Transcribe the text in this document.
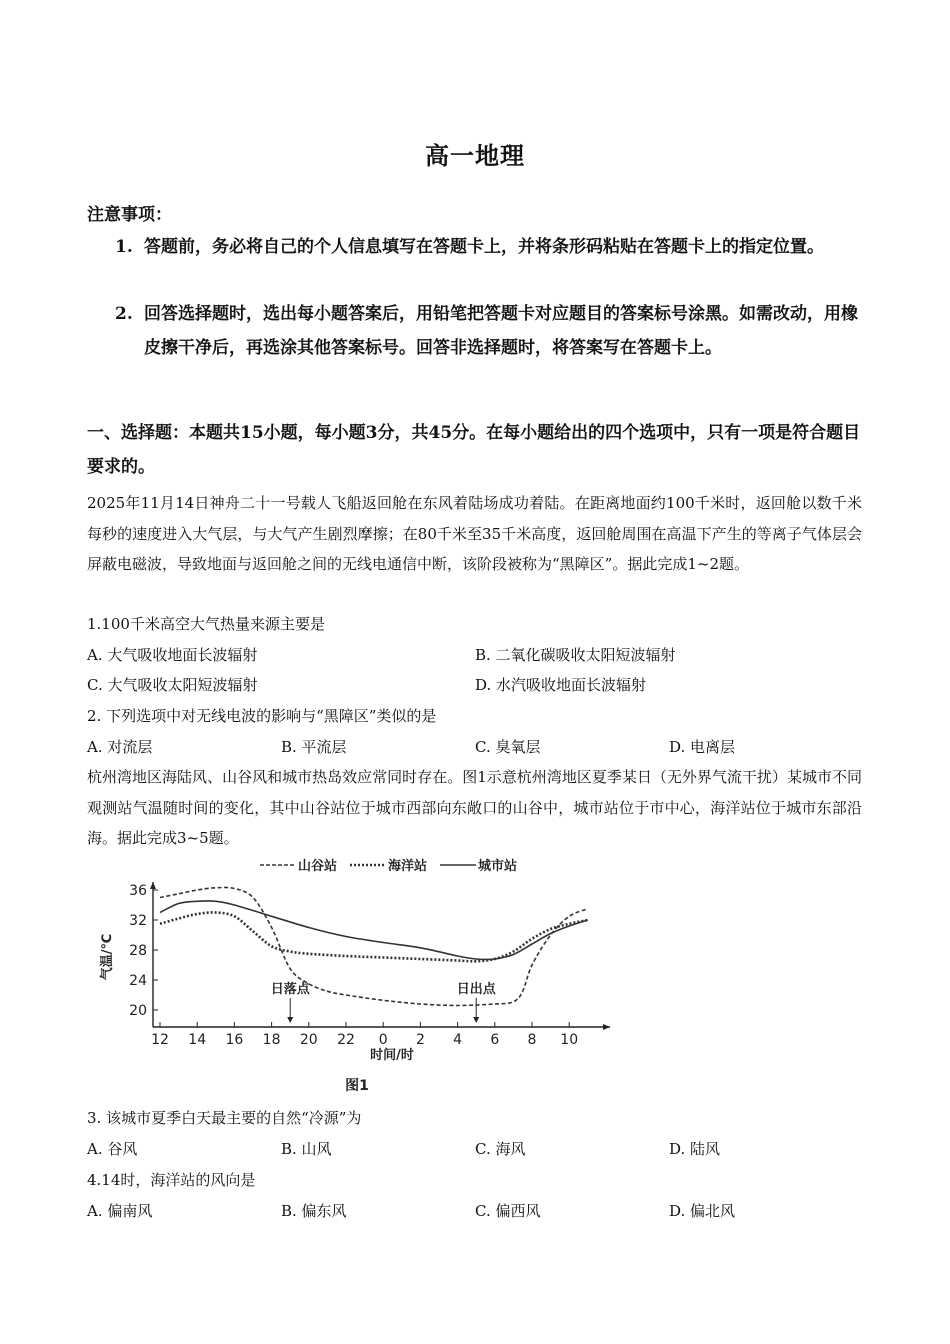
高一地理
注意事项：
1. 答题前，务必将自己的个人信息填写在答题卡上，并将条形码粘贴在答题卡上的指定位置。
2. 回答选择题时，选出每小题答案后，用铅笔把答题卡对应题目的答案标号涂黑。如需改动，用橡皮擦干净后，再选涂其他答案标号。回答非选择题时，将答案写在答题卡上。
一、选择题：本题共15小题，每小题3分，共45分。在每小题给出的四个选项中，只有一项是符合题目要求的。
2025年11月14日神舟二十一号载人飞船返回舱在东风着陆场成功着陆。在距离地面约100千米时，返回舱以数千米每秒的速度进入大气层，与大气产生剧烈摩擦；在80千米至35千米高度，返回舱周围在高温下产生的等离子气体层会屏蔽电磁波，导致地面与返回舱之间的无线电通信中断，该阶段被称为“黑障区”。据此完成1~2题。
1.100千米高空大气热量来源主要是
A. 大气吸收地面长波辐射	B. 二氧化碳吸收太阳短波辐射
C. 大气吸收太阳短波辐射	D. 水汽吸收地面长波辐射
2. 下列选项中对无线电波的影响与“黑障区”类似的是
A. 对流层	B. 平流层	C. 臭氧层	D. 电离层
杭州湾地区海陆风、山谷风和城市热岛效应常同时存在。图1示意杭州湾地区夏季某日（无外界气流干扰）某城市不同观测站气温随时间的变化，其中山谷站位于城市西部向东敞口的山谷中，城市站位于市中心，海洋站位于城市东部沿海。据此完成3~5题。
山谷站	海洋站	城市站
20
24
28
32
36
12 14 16 18 20 22 0 2 4 6 8 10
时间/时
气温/℃
日落点	日出点
图1
3. 该城市夏季白天最主要的自然“冷源”为
A. 谷风	B. 山风	C. 海风	D. 陆风
4.14时，海洋站的风向是
A. 偏南风	B. 偏东风	C. 偏西风	D. 偏北风
